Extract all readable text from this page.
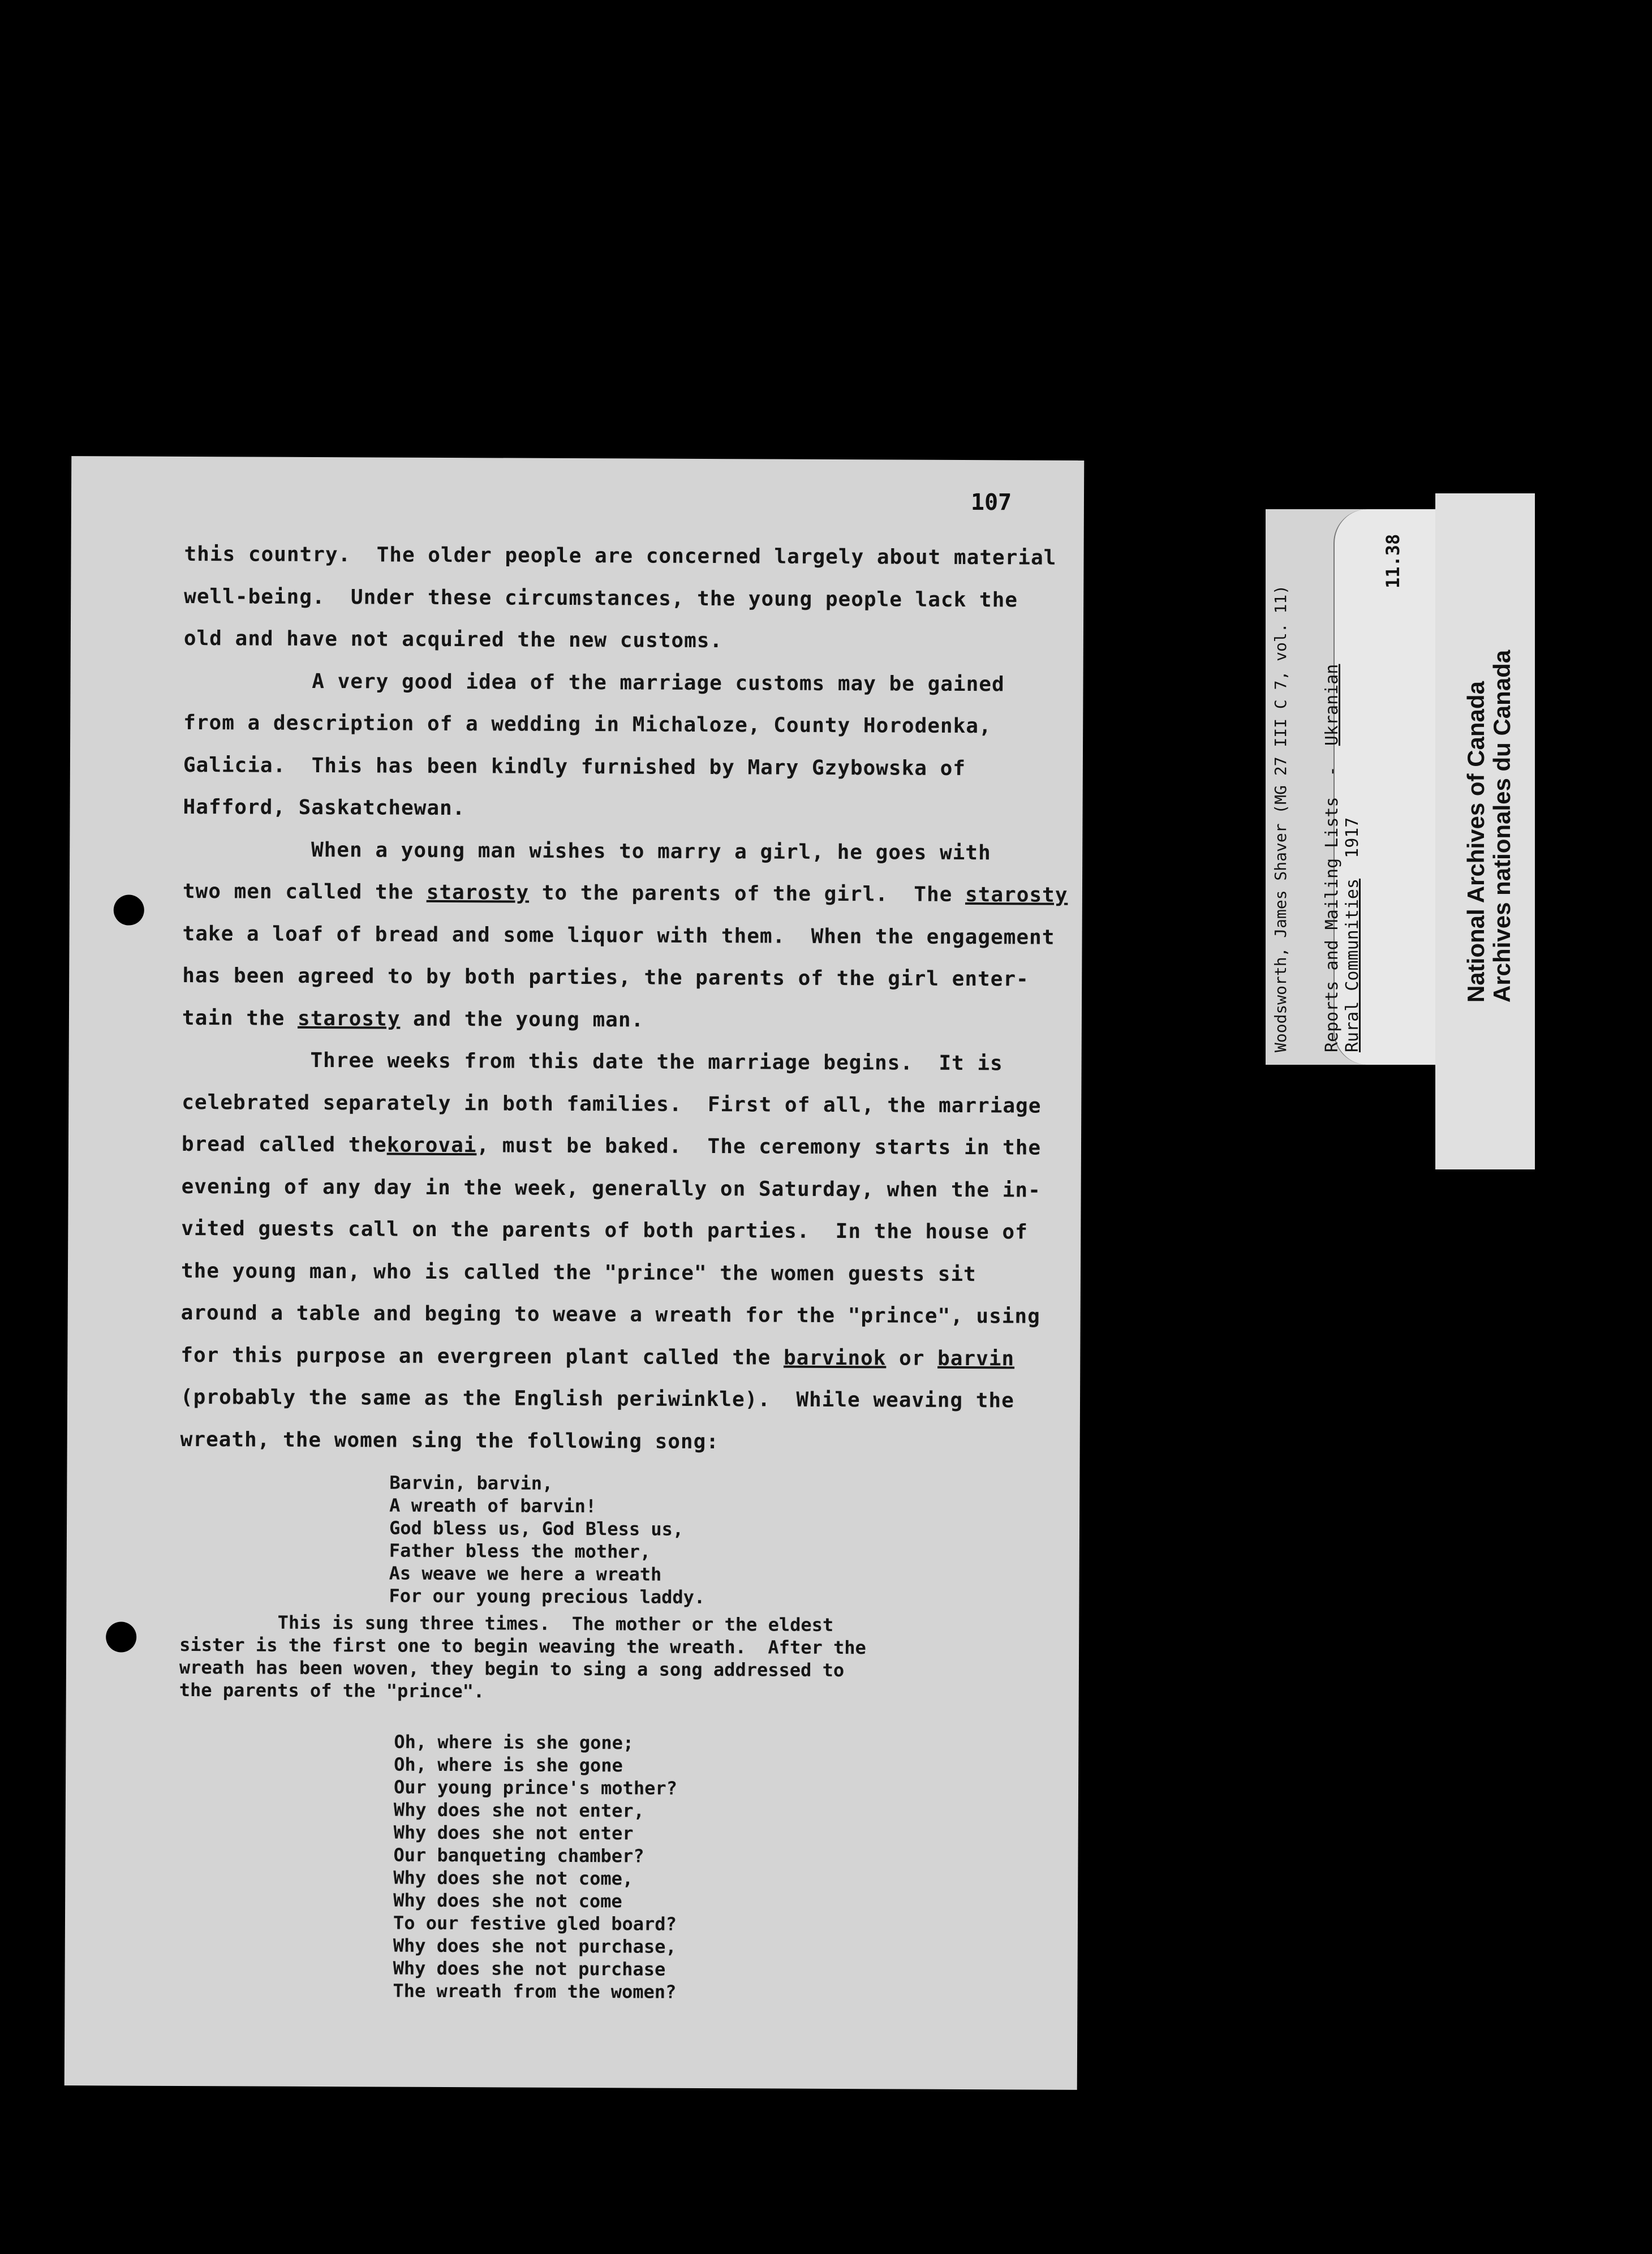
107
this country.  The older people are concerned largely about material
well-being.  Under these circumstances, the young people lack the
old and have not acquired the new customs.
A very good idea of the marriage customs may be gained
from a description of a wedding in Michaloze, County Horodenka,
Galicia.  This has been kindly furnished by Mary Gzybowska of
Hafford, Saskatchewan.
When a young man wishes to marry a girl, he goes with
two men called the starosty to the parents of the girl.  The starosty
take a loaf of bread and some liquor with them.  When the engagement
has been agreed to by both parties, the parents of the girl enter-
tain the starosty and the young man.
Three weeks from this date the marriage begins.  It is
celebrated separately in both families.  First of all, the marriage
bread called thekorovai, must be baked.  The ceremony starts in the
evening of any day in the week, generally on Saturday, when the in-
vited guests call on the parents of both parties.  In the house of
the young man, who is called the "prince" the women guests sit
around a table and beging to weave a wreath for the "prince", using
for this purpose an evergreen plant called the barvinok or barvin
(probably the same as the English periwinkle).  While weaving the
wreath, the women sing the following song:
Barvin, barvin,
A wreath of barvin!
God bless us, God Bless us,
Father bless the mother,
As weave we here a wreath
For our young precious laddy.
This is sung three times.  The mother or the eldest
sister is the first one to begin weaving the wreath.  After the
wreath has been woven, they begin to sing a song addressed to
the parents of the "prince".
Oh, where is she gone;
Oh, where is she gone
Our young prince's mother?
Why does she not enter,
Why does she not enter
Our banqueting chamber?
Why does she not come,
Why does she not come
To our festive gled board?
Why does she not purchase,
Why does she not purchase
The wreath from the women?
Woodsworth, James Shaver (MG 27 III C 7, vol. 11) Reports and Mailing Lists  -  Ukranian
Rural Communities  1917
11.38
National Archives of Canada Archives nationales du Canada
